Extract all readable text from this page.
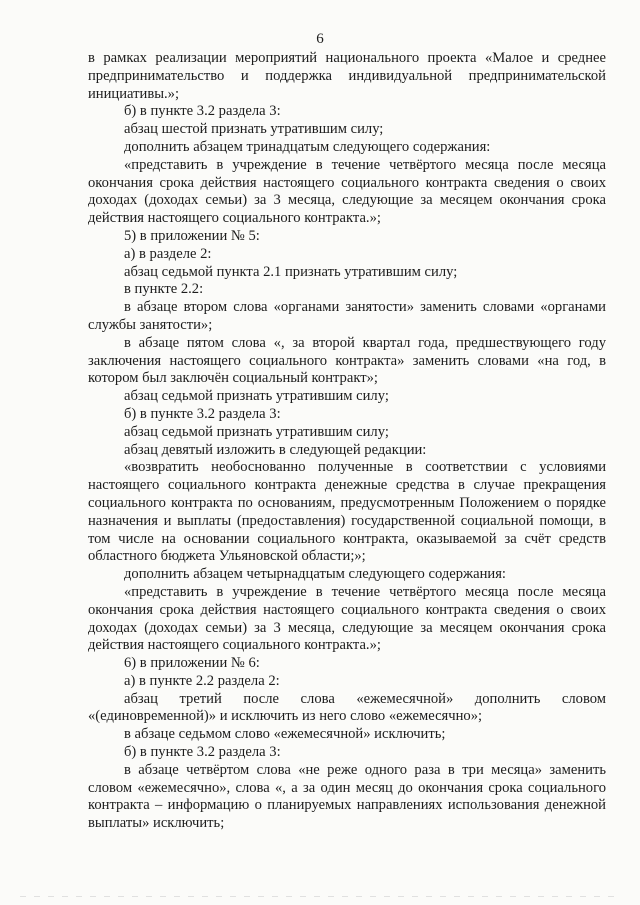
6

в рамках реализации мероприятий национального проекта «Малое и среднее предпринимательство и поддержка индивидуальной предпринимательской инициативы.»;

б) в пункте 3.2 раздела 3:

абзац шестой признать утратившим силу;

дополнить абзацем тринадцатым следующего содержания:

«представить в учреждение в течение четвёртого месяца после месяца окончания срока действия настоящего социального контракта сведения о своих доходах (доходах семьи) за 3 месяца, следующие за месяцем окончания срока действия настоящего социального контракта.»;

5) в приложении № 5:

а) в разделе 2:

абзац седьмой пункта 2.1 признать утратившим силу;

в пункте 2.2:

в абзаце втором слова «органами занятости» заменить словами «органами службы занятости»;

в абзаце пятом слова «, за второй квартал года, предшествующего году заключения настоящего социального контракта» заменить словами «на год, в котором был заключён социальный контракт»;

абзац седьмой признать утратившим силу;

б) в пункте 3.2 раздела 3:

абзац седьмой признать утратившим силу;

абзац девятый изложить в следующей редакции:

«возвратить необоснованно полученные в соответствии с условиями настоящего социального контракта денежные средства в случае прекращения социального контракта по основаниям, предусмотренным Положением о порядке назначения и выплаты (предоставления) государственной социальной помощи, в том числе на основании социального контракта, оказываемой за счёт средств областного бюджета Ульяновской области;»;

дополнить абзацем четырнадцатым следующего содержания:

«представить в учреждение в течение четвёртого месяца после месяца окончания срока действия настоящего социального контракта сведения о своих доходах (доходах семьи) за 3 месяца, следующие за месяцем окончания срока действия настоящего социального контракта.»;

6) в приложении № 6:

а) в пункте 2.2 раздела 2:

абзац третий после слова «ежемесячной» дополнить словом «(единовременной)» и исключить из него слово «ежемесячно»;

в абзаце седьмом слово «ежемесячной» исключить;

б) в пункте 3.2 раздела 3:

в абзаце четвёртом слова «не реже одного раза в три месяца» заменить словом «ежемесячно», слова «, а за один месяц до окончания срока социального контракта – информацию о планируемых направлениях использования денежной выплаты» исключить;
